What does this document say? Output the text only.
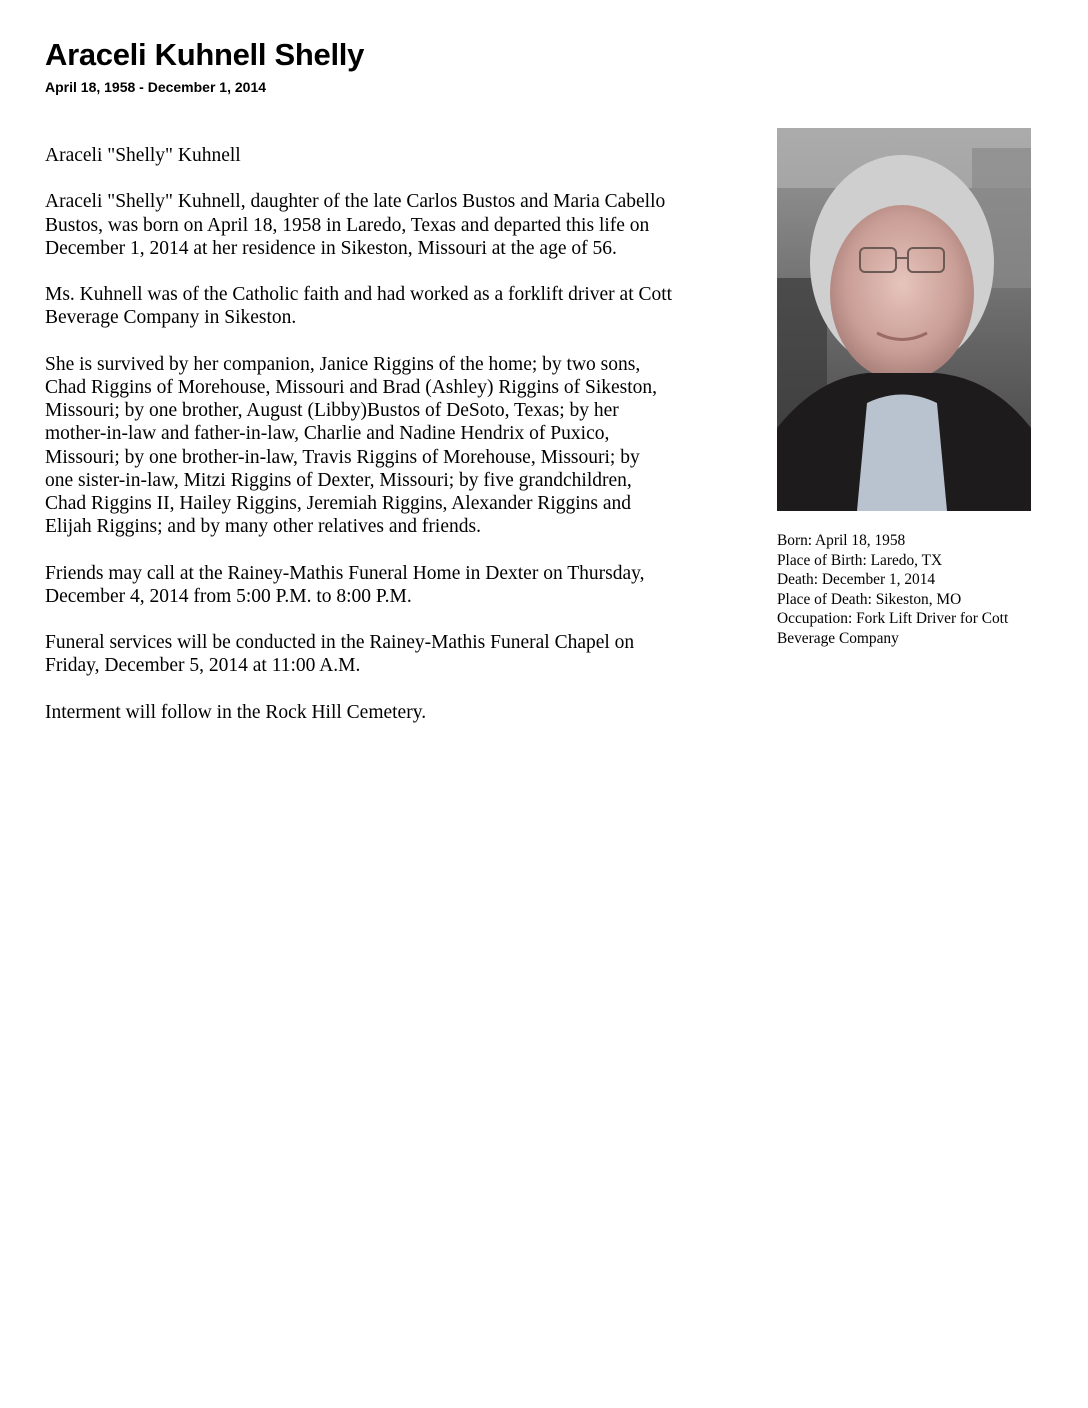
Araceli Kuhnell Shelly
April 18, 1958 - December 1, 2014

Araceli "Shelly" Kuhnell

Araceli "Shelly" Kuhnell, daughter of the late Carlos Bustos and Maria Cabello
Bustos, was born on April 18, 1958 in Laredo, Texas and departed this life on
December 1, 2014 at her residence in Sikeston, Missouri at the age of 56.

Ms. Kuhnell was of the Catholic faith and had worked as a forklift driver at Cott
Beverage Company in Sikeston.

She is survived by her companion, Janice Riggins of the home; by two sons,
Chad Riggins of Morehouse, Missouri and Brad (Ashley) Riggins of Sikeston,
Missouri; by one brother, August (Libby)Bustos of DeSoto, Texas; by her
mother-in-law and father-in-law, Charlie and Nadine Hendrix of Puxico,
Missouri; by one brother-in-law, Travis Riggins of Morehouse, Missouri; by
one sister-in-law, Mitzi Riggins of Dexter, Missouri; by five grandchildren,
Chad Riggins II, Hailey Riggins, Jeremiah Riggins, Alexander Riggins and
Elijah Riggins; and by many other relatives and friends.

Friends may call at the Rainey-Mathis Funeral Home in Dexter on Thursday,
December 4, 2014 from 5:00 P.M. to 8:00 P.M.

Funeral services will be conducted in the Rainey-Mathis Funeral Chapel on
Friday, December 5, 2014 at 11:00 A.M.

Interment will follow in the Rock Hill Cemetery.

Born: April 18, 1958
Place of Birth: Laredo, TX
Death: December 1, 2014
Place of Death: Sikeston, MO
Occupation: Fork Lift Driver for Cott
Beverage Company
